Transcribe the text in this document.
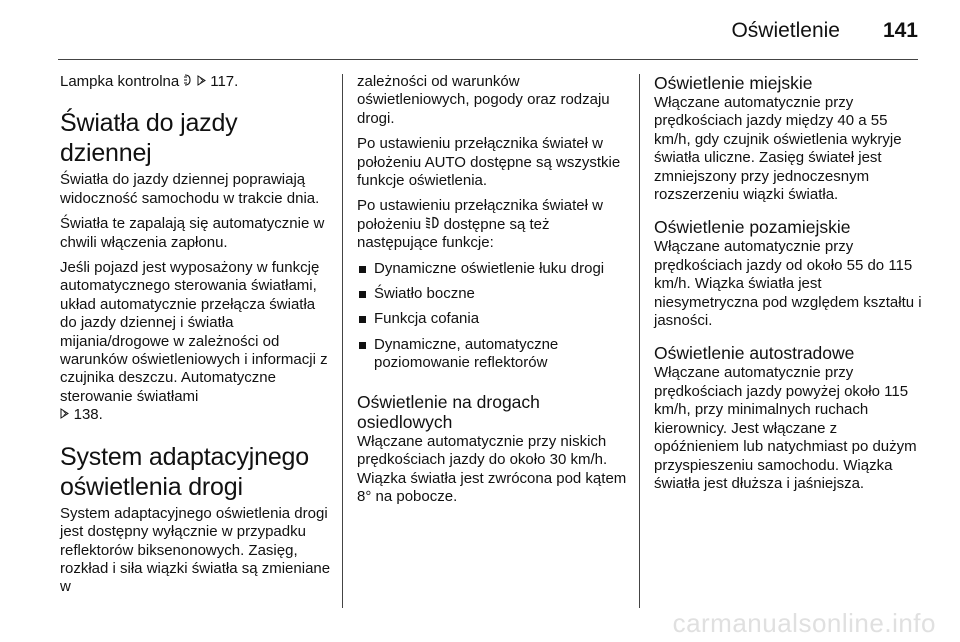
Oświetlenie 141

Lampka kontrolna 117.

Światła do jazdy dziennej

Światła do jazdy dziennej poprawiają widoczność samochodu w trakcie dnia.

Światła te zapalają się automatycznie w chwili włączenia zapłonu.

Jeśli pojazd jest wyposażony w funkcję automatycznego sterowania światłami, układ automatycznie przełącza światła do jazdy dziennej i światła mijania/drogowe w zależności od warunków oświetleniowych i informacji z czujnika deszczu. Automatyczne sterowanie światłami
138.

System adaptacyjnego oświetlenia drogi

System adaptacyjnego oświetlenia drogi jest dostępny wyłącznie w przypadku reflektorów biksenonowych. Zasięg, rozkład i siła wiązki światła są zmieniane w

zależności od warunków oświetleniowych, pogody oraz rodzaju drogi.

Po ustawieniu przełącznika świateł w położeniu AUTO dostępne są wszystkie funkcje oświetlenia.

Po ustawieniu przełącznika świateł w położeniu dostępne są też następujące funkcje:

Dynamiczne oświetlenie łuku drogi
Światło boczne
Funkcja cofania
Dynamiczne, automatyczne poziomowanie reflektorów
Oświetlenie na drogach osiedlowych

Włączane automatycznie przy niskich prędkościach jazdy do około 30 km/h. Wiązka światła jest zwrócona pod kątem 8° na pobocze.

Oświetlenie miejskie

Włączane automatycznie przy prędkościach jazdy między 40 a 55 km/h, gdy czujnik oświetlenia wykryje światła uliczne. Zasięg świateł jest zmniejszony przy jednoczesnym rozszerzeniu wiązki światła.

Oświetlenie pozamiejskie

Włączane automatycznie przy prędkościach jazdy od około 55 do 115 km/h. Wiązka światła jest niesymetryczna pod względem kształtu i jasności.

Oświetlenie autostradowe

Włączane automatycznie przy prędkościach jazdy powyżej około 115 km/h, przy minimalnych ruchach kierownicy. Jest włączane z opóźnieniem lub natychmiast po dużym przyspieszeniu samochodu. Wiązka światła jest dłuższa i jaśniejsza.

carmanualsonline.info
